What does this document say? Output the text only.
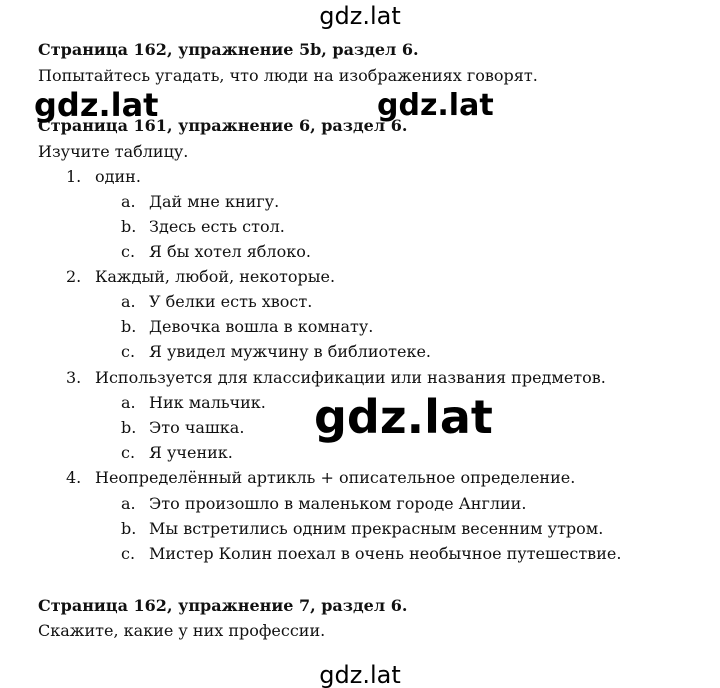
gdz.lat
Страница 162, упражнение 5b, раздел 6.
Попытайтесь угадать, что люди на изображениях говорят.
Страница 161, упражнение 6, раздел 6.
Изучите таблицу.
1. один.
a. Дай мне книгу.
b. Здесь есть стол.
c. Я бы хотел яблоко.
2. Каждый, любой, некоторые.
a. У белки есть хвост.
b. Девочка вошла в комнату.
c. Я увидел мужчину в библиотеке.
3. Используется для классификации или названия предметов.
a. Ник мальчик.
b. Это чашка.
c. Я ученик.
4. Неопределённый артикль + описательное определение.
a. Это произошло в маленьком городе Англии.
b. Мы встретились одним прекрасным весенним утром.
c. Мистер Колин поехал в очень необычное путешествие.
Страница 162, упражнение 7, раздел 6.
Скажите, какие у них профессии.
gdz.lat	gdz.lat
gdz.lat
gdz.lat
